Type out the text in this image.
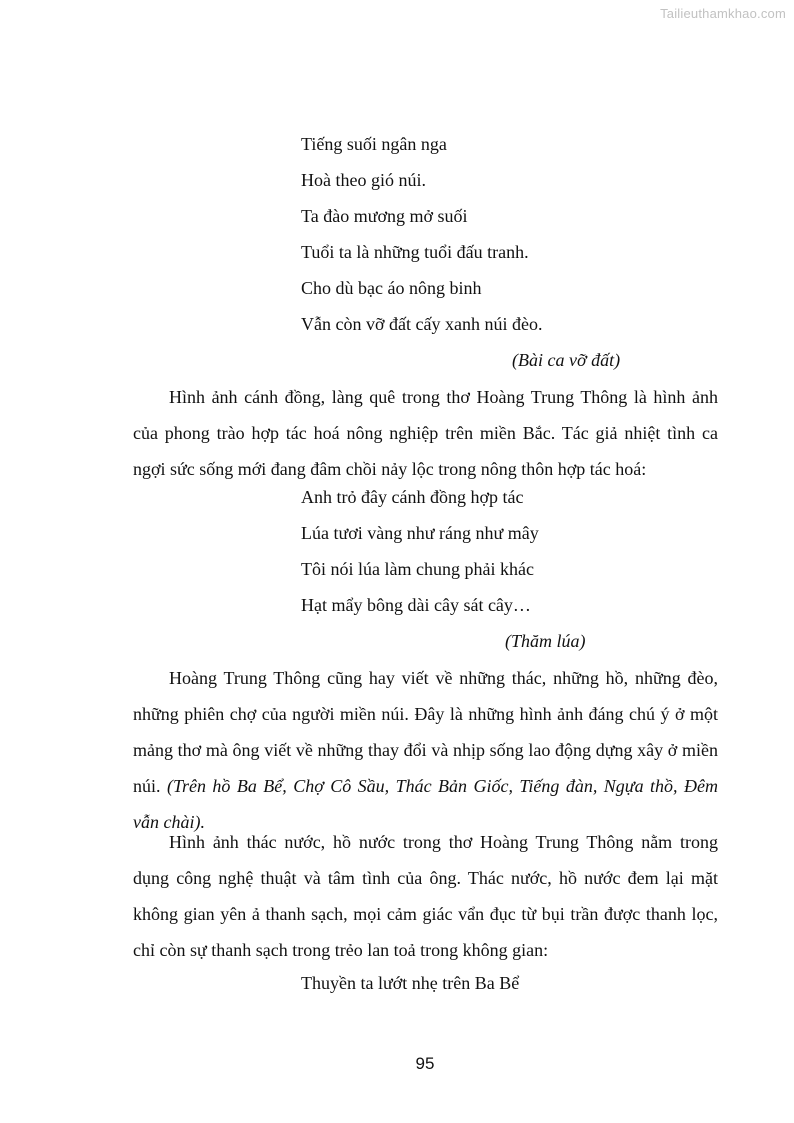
Tailieuthamkhao.com
Tiếng suối ngân nga
Hoà theo gió núi.
Ta đào mương mở suối
Tuổi ta là những tuổi đấu tranh.
Cho dù bạc áo nông binh
Vẫn còn vỡ đất cấy xanh núi đèo.
(Bài ca vỡ đất)
Hình ảnh cánh đồng, làng quê trong thơ Hoàng Trung Thông là hình ảnh của phong trào hợp tác hoá nông nghiệp trên miền Bắc. Tác giả nhiệt tình ca ngợi sức sống mới đang đâm chồi nảy lộc trong nông thôn hợp tác hoá:
Anh trỏ đây cánh đồng hợp tác
Lúa tươi vàng như ráng như mây
Tôi nói lúa làm chung phải khác
Hạt mẩy bông dài cây sát cây…
(Thăm lúa)
Hoàng Trung Thông cũng hay viết về những thác, những hồ, những đèo, những phiên chợ của người miền núi. Đây là những hình ảnh đáng chú ý ở một mảng thơ mà ông viết về những thay đổi và nhịp sống lao động dựng xây ở miền núi. (Trên hồ Ba Bể, Chợ Cô Sầu, Thác Bản Giốc, Tiếng đàn, Ngựa thồ, Đêm vẫn chài).
Hình ảnh thác nước, hồ nước trong thơ Hoàng Trung Thông nằm trong dụng công nghệ thuật và tâm tình của ông. Thác nước, hồ nước đem lại mặt không gian yên ả thanh sạch, mọi cảm giác vẩn đục từ bụi trần được thanh lọc, chỉ còn sự thanh sạch trong trẻo lan toả trong không gian:
Thuyền ta lướt nhẹ trên Ba Bể
95
